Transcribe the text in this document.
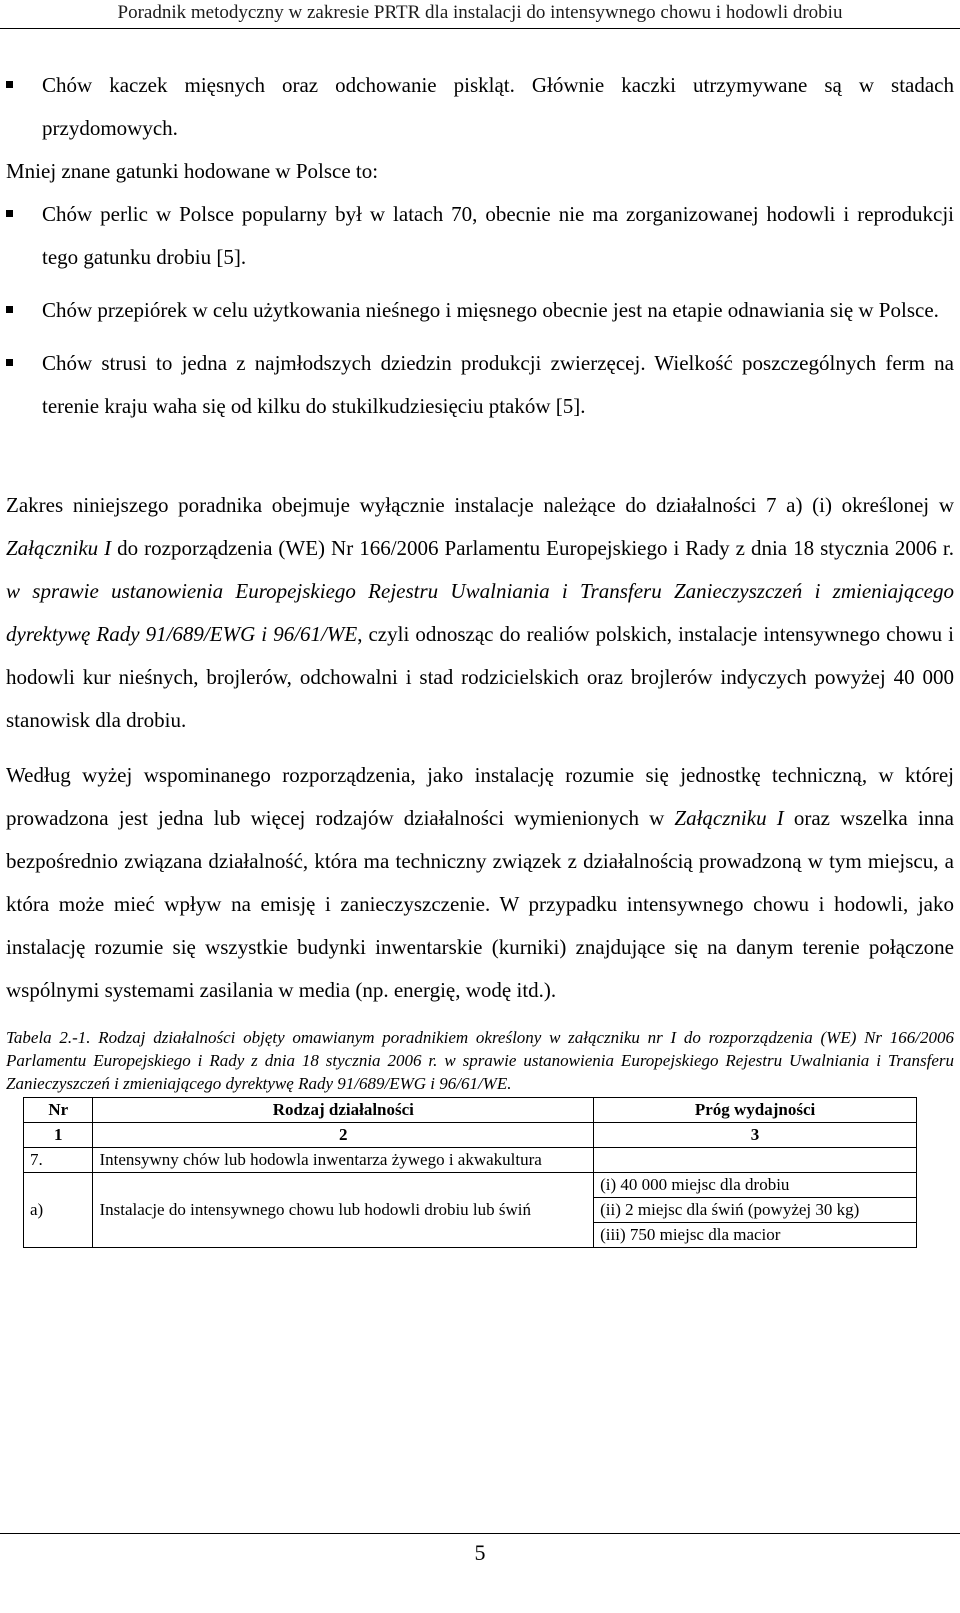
Poradnik metodyczny w zakresie PRTR dla instalacji do intensywnego chowu i hodowli drobiu
Chów kaczek mięsnych oraz odchowanie piskląt. Głównie kaczki utrzymywane są w stadach przydomowych.

Mniej znane gatunki hodowane w Polsce to:

Chów perlic w Polsce popularny był w latach 70, obecnie nie ma zorganizowanej hodowli i reprodukcji tego gatunku drobiu [5].
Chów przepiórek w celu użytkowania nieśnego i mięsnego obecnie jest na etapie odnawiania się w Polsce.
Chów strusi to jedna z najmłodszych dziedzin produkcji zwierzęcej. Wielkość poszczególnych ferm na terenie kraju waha się od kilku do stukilkudziesięciu ptaków [5].

Zakres niniejszego poradnika obejmuje wyłącznie instalacje należące do działalności 7 a) (i) określonej w Załączniku I do rozporządzenia (WE) Nr 166/2006 Parlamentu Europejskiego i Rady z dnia 18 stycznia 2006 r. w sprawie ustanowienia Europejskiego Rejestru Uwalniania i Transferu Zanieczyszczeń i zmieniającego dyrektywę Rady 91/689/EWG i 96/61/WE, czyli odnosząc do realiów polskich, instalacje intensywnego chowu i hodowli kur nieśnych, brojlerów, odchowalni i stad rodzicielskich oraz brojlerów indyczych powyżej 40 000 stanowisk dla drobiu.

Według wyżej wspominanego rozporządzenia, jako instalację rozumie się jednostkę techniczną, w której prowadzona jest jedna lub więcej rodzajów działalności wymienionych w Załączniku I oraz wszelka inna bezpośrednio związana działalność, która ma techniczny związek z działalnością prowadzoną w tym miejscu, a która może mieć wpływ na emisję i zanieczyszczenie. W przypadku intensywnego chowu i hodowli, jako instalację rozumie się wszystkie budynki inwentarskie (kurniki) znajdujące się na danym terenie połączone wspólnymi systemami zasilania w media (np. energię, wodę itd.).

Tabela 2.-1. Rodzaj działalności objęty omawianym poradnikiem określony w załączniku nr I do rozporządzenia (WE) Nr 166/2006 Parlamentu Europejskiego i Rady z dnia 18 stycznia 2006 r. w sprawie ustanowienia Europejskiego Rejestru Uwalniania i Transferu Zanieczyszczeń i zmieniającego dyrektywę Rady 91/689/EWG i 96/61/WE.

Nr	Rodzaj działalności	Próg wydajności
1	2	3
7.	Intensywny chów lub hodowla inwentarza żywego i akwakultura	
a)	Instalacje do intensywnego chowu lub hodowli drobiu lub świń	(i) 40 000 miejsc dla drobiu
		(ii) 2 miejsc dla świń (powyżej 30 kg)
		(iii) 750 miejsc dla macior
5
